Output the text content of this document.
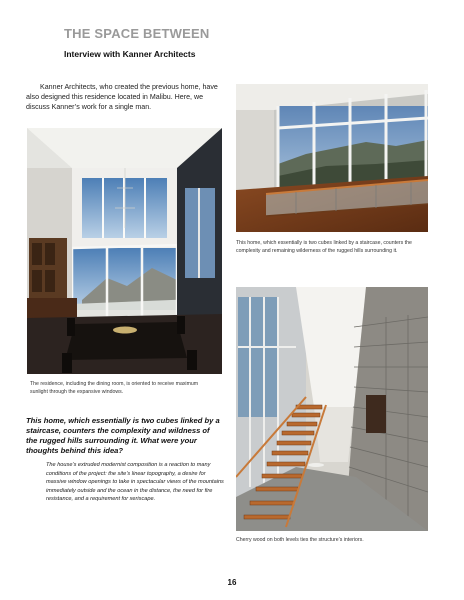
THE SPACE BETWEEN
Interview with Kanner Architects

Kanner Architects, who created the previous home, have also designed this residence located in Malibu. Here, we discuss Kanner’s work for a single man.

This home, which essentially is two cubes linked by a staircase, counters the complexity and remaining wilderness of the rugged hills surrounding it.
The residence, including the dining room, is oriented to receive maximum sunlight through the expansive windows.
Cherry wood on both levels ties the structure’s interiors.
This home, which essentially is two cubes linked by a staircase, counters the complexity and wildness of the rugged hills surrounding it. What were your thoughts behind this idea?
The house’s extruded modernist composition is a reaction to many conditions of the project: the site’s linear topography, a desire for massive window openings to take in spectacular views of the mountains immediately outside and the ocean in the distance, the need for fire resistance, and a requirement for xeriscape.
16
